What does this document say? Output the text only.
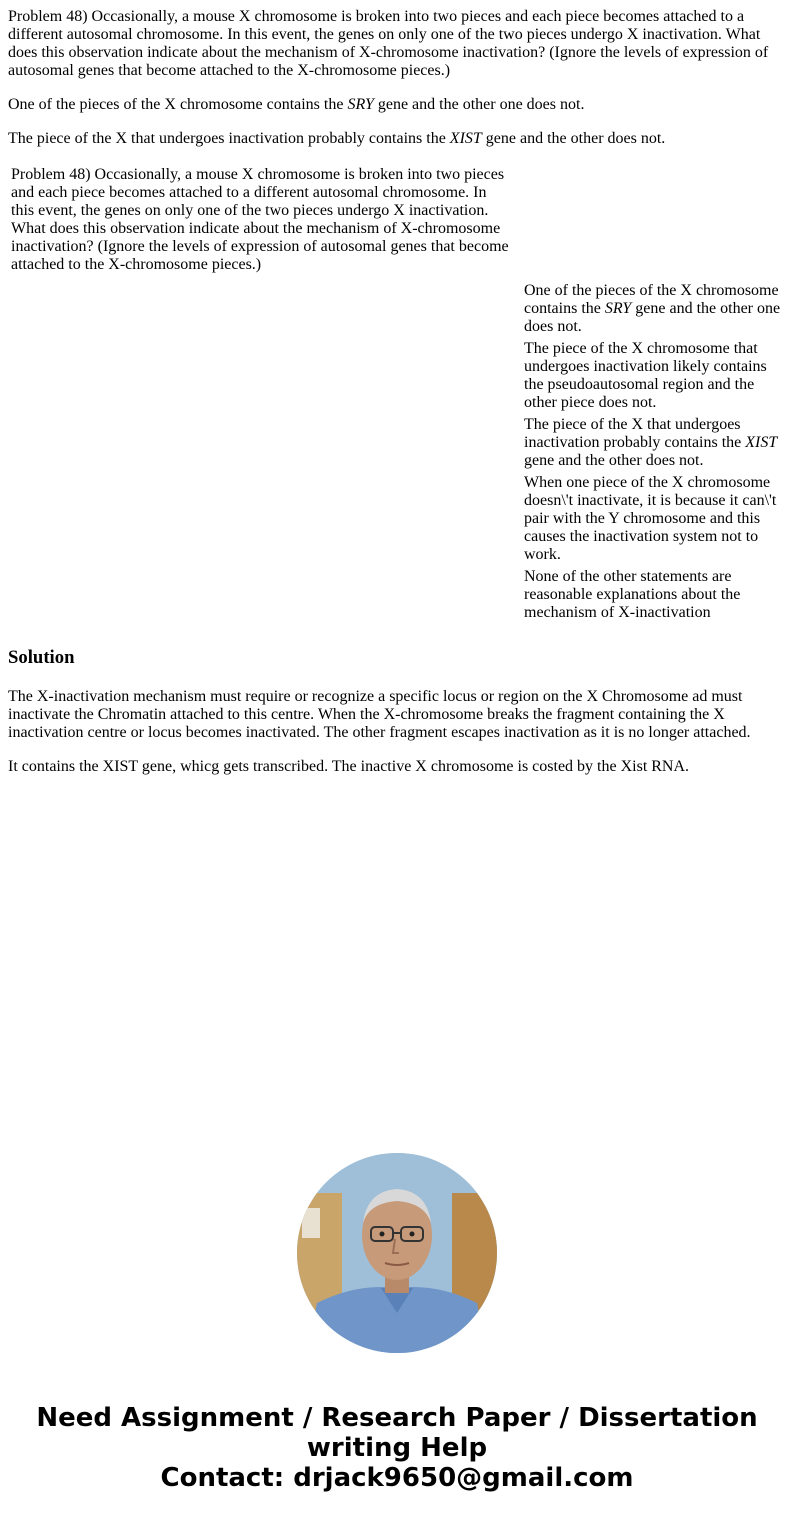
Problem 48) Occasionally, a mouse X chromosome is broken into two pieces and each piece becomes attached to a different autosomal chromosome. In this event, the genes on only one of the two pieces undergo X inactivation. What does this observation indicate about the mechanism of X-chromosome inactivation? (Ignore the levels of expression of autosomal genes that become attached to the X-chromosome pieces.)

One of the pieces of the X chromosome contains the SRY gene and the other one does not.

The piece of the X that undergoes inactivation probably contains the XIST gene and the other does not.

Problem 48) Occasionally, a mouse X chromosome is broken into two pieces and each piece becomes attached to a different autosomal chromosome. In this event, the genes on only one of the two pieces undergo X inactivation. What does this observation indicate about the mechanism of X-chromosome inactivation? (Ignore the levels of expression of autosomal genes that become attached to the X-chromosome pieces.)
One of the pieces of the X chromosome contains the SRY gene and the other one does not.
The piece of the X chromosome that undergoes inactivation likely contains the pseudoautosomal region and the other piece does not.
The piece of the X that undergoes inactivation probably contains the XIST gene and the other does not.
When one piece of the X chromosome doesn\'t inactivate, it is because it can\'t pair with the Y chromosome and this causes the inactivation system not to work.
None of the other statements are reasonable explanations about the mechanism of X-inactivation
Solution

The X-inactivation mechanism must require or recognize a specific locus or region on the X Chromosome ad must inactivate the Chromatin attached to this centre. When the X-chromosome breaks the fragment containing the X inactivation centre or locus becomes inactivated. The other fragment escapes inactivation as it is no longer attached.

It contains the XIST gene, whicg gets transcribed. The inactive X chromosome is costed by the Xist RNA.

Need Assignment / Research Paper / Dissertation
writing Help
Contact: drjack9650@gmail.com
